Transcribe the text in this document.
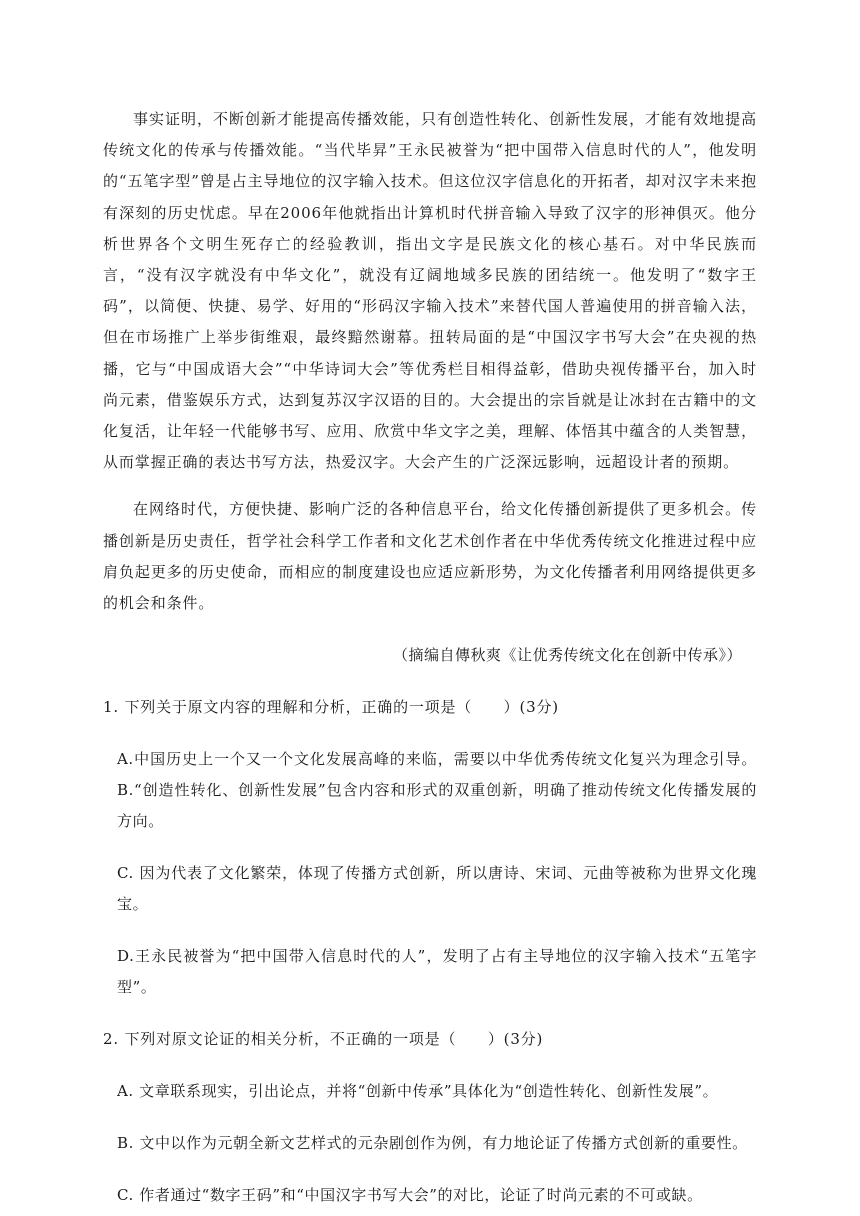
事实证明，不断创新才能提高传播效能，只有创造性转化、创新性发展，才能有效地提高传统文化的传承与传播效能。“当代毕昇”王永民被誉为“把中国带入信息时代的人”，他发明的“五笔字型”曾是占主导地位的汉字输入技术。但这位汉字信息化的开拓者，却对汉字未来抱有深刻的历史忧虑。早在2006年他就指出计算机时代拼音输入导致了汉字的形神俱灭。他分析世界各个文明生死存亡的经验教训，指出文字是民族文化的核心基石。对中华民族而言，“没有汉字就没有中华文化”，就没有辽阔地域多民族的团结统一。他发明了“数字王码”，以简便、快捷、易学、好用的“形码汉字输入技术”来替代国人普遍使用的拼音输入法，但在市场推广上举步街维艰，最终黯然谢幕。扭转局面的是“中国汉字书写大会”在央视的热播，它与“中国成语大会”“中华诗词大会”等优秀栏目相得益彰，借助央视传播平台，加入时尚元素，借鉴娱乐方式，达到复苏汉字汉语的目的。大会提出的宗旨就是让冰封在古籍中的文化复活，让年轻一代能够书写、应用、欣赏中华文字之美，理解、体悟其中蕴含的人类智慧，从而掌握正确的表达书写方法，热爱汉字。大会产生的广泛深远影响，远超设计者的预期。

在网络时代，方便快捷、影响广泛的各种信息平台，给文化传播创新提供了更多机会。传播创新是历史责任，哲学社会科学工作者和文化艺术创作者在中华优秀传统文化推进过程中应肩负起更多的历史使命，而相应的制度建设也应适应新形势，为文化传播者利用网络提供更多的机会和条件。

（摘编自傳秋爽《让优秀传统文化在创新中传承》）

1. 下列关于原文内容的理解和分析，正确的一项是（　　）(3分)

A.中国历史上一个又一个文化发展高峰的来临，需要以中华优秀传统文化复兴为理念引导。B.“创造性转化、创新性发展”包含内容和形式的双重创新，明确了推动传统文化传播发展的方向。

C. 因为代表了文化繁荣，体现了传播方式创新，所以唐诗、宋词、元曲等被称为世界文化瑰宝。

D.王永民被誉为“把中国带入信息时代的人”，发明了占有主导地位的汉字输入技术“五笔字型”。

2. 下列对原文论证的相关分析，不正确的一项是（　　）(3分)

A. 文章联系现实，引出论点，并将“创新中传承”具体化为“创造性转化、创新性发展”。

B. 文中以作为元朝全新文艺样式的元杂剧创作为例，有力地论证了传播方式创新的重要性。

C. 作者通过“数字王码”和“中国汉字书写大会”的对比，论证了时尚元素的不可或缺。
